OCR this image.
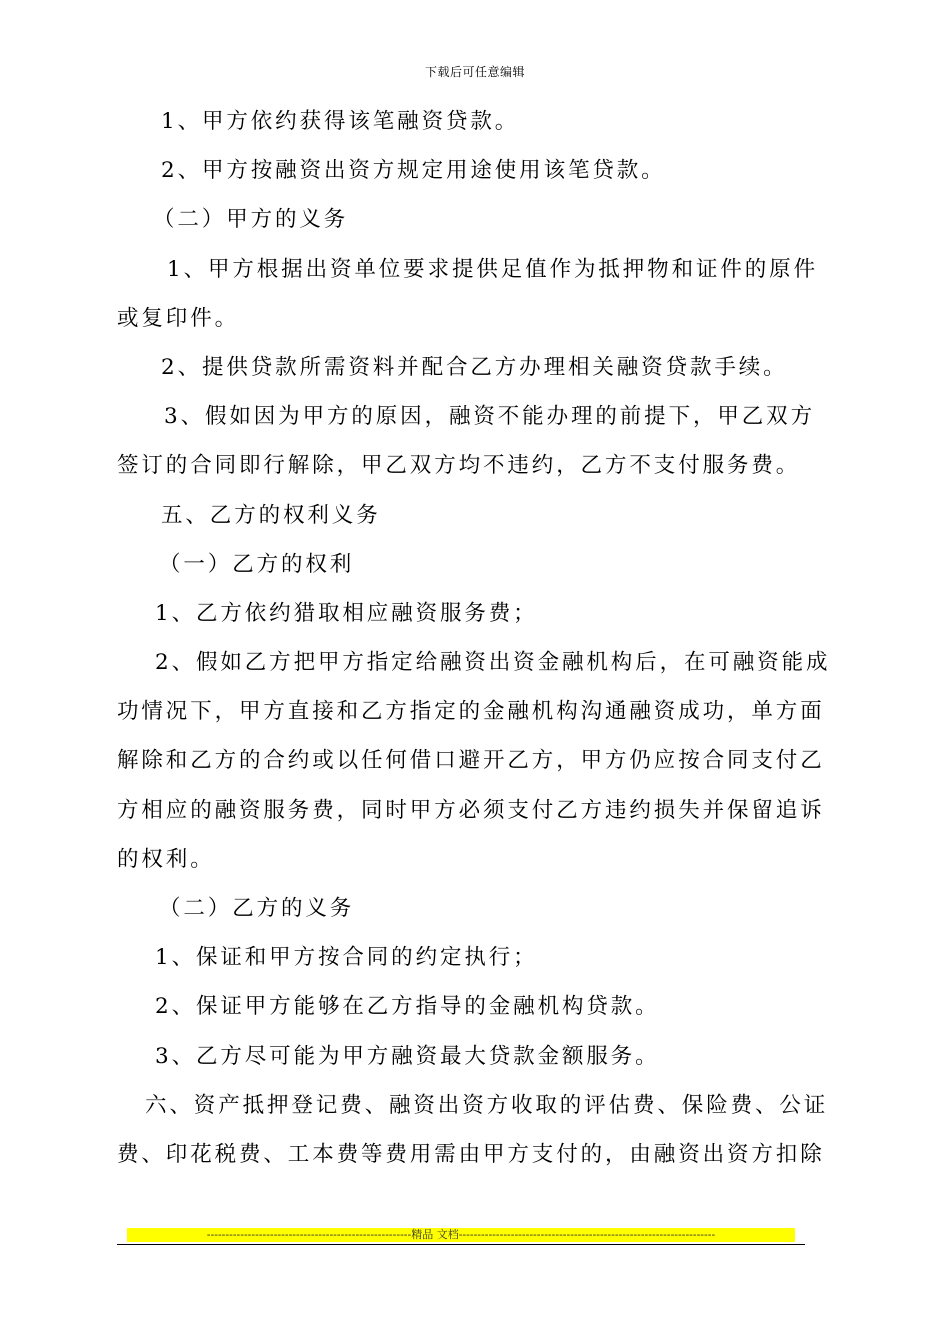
下载后可任意编辑
1、甲方依约获得该笔融资贷款。
2、甲方按融资出资方规定用途使用该笔贷款。
（二）甲方的义务
1、甲方根据出资单位要求提供足值作为抵押物和证件的原件
或复印件。
2、提供贷款所需资料并配合乙方办理相关融资贷款手续。
3、假如因为甲方的原因，融资不能办理的前提下，甲乙双方
签订的合同即行解除，甲乙双方均不违约，乙方不支付服务费。
五、乙方的权利义务
（一）乙方的权利
1、乙方依约猎取相应融资服务费；
2、假如乙方把甲方指定给融资出资金融机构后，在可融资能成
功情况下，甲方直接和乙方指定的金融机构沟通融资成功，单方面
解除和乙方的合约或以任何借口避开乙方，甲方仍应按合同支付乙
方相应的融资服务费，同时甲方必须支付乙方违约损失并保留追诉
的权利。
（二）乙方的义务
1、保证和甲方按合同的约定执行；
2、保证甲方能够在乙方指导的金融机构贷款。
3、乙方尽可能为甲方融资最大贷款金额服务。
六、资产抵押登记费、融资出资方收取的评估费、保险费、公证
费、印花税费、工本费等费用需由甲方支付的，由融资出资方扣除
-------------------------------------------------------精品 文档---------------------------------------------------------------------
